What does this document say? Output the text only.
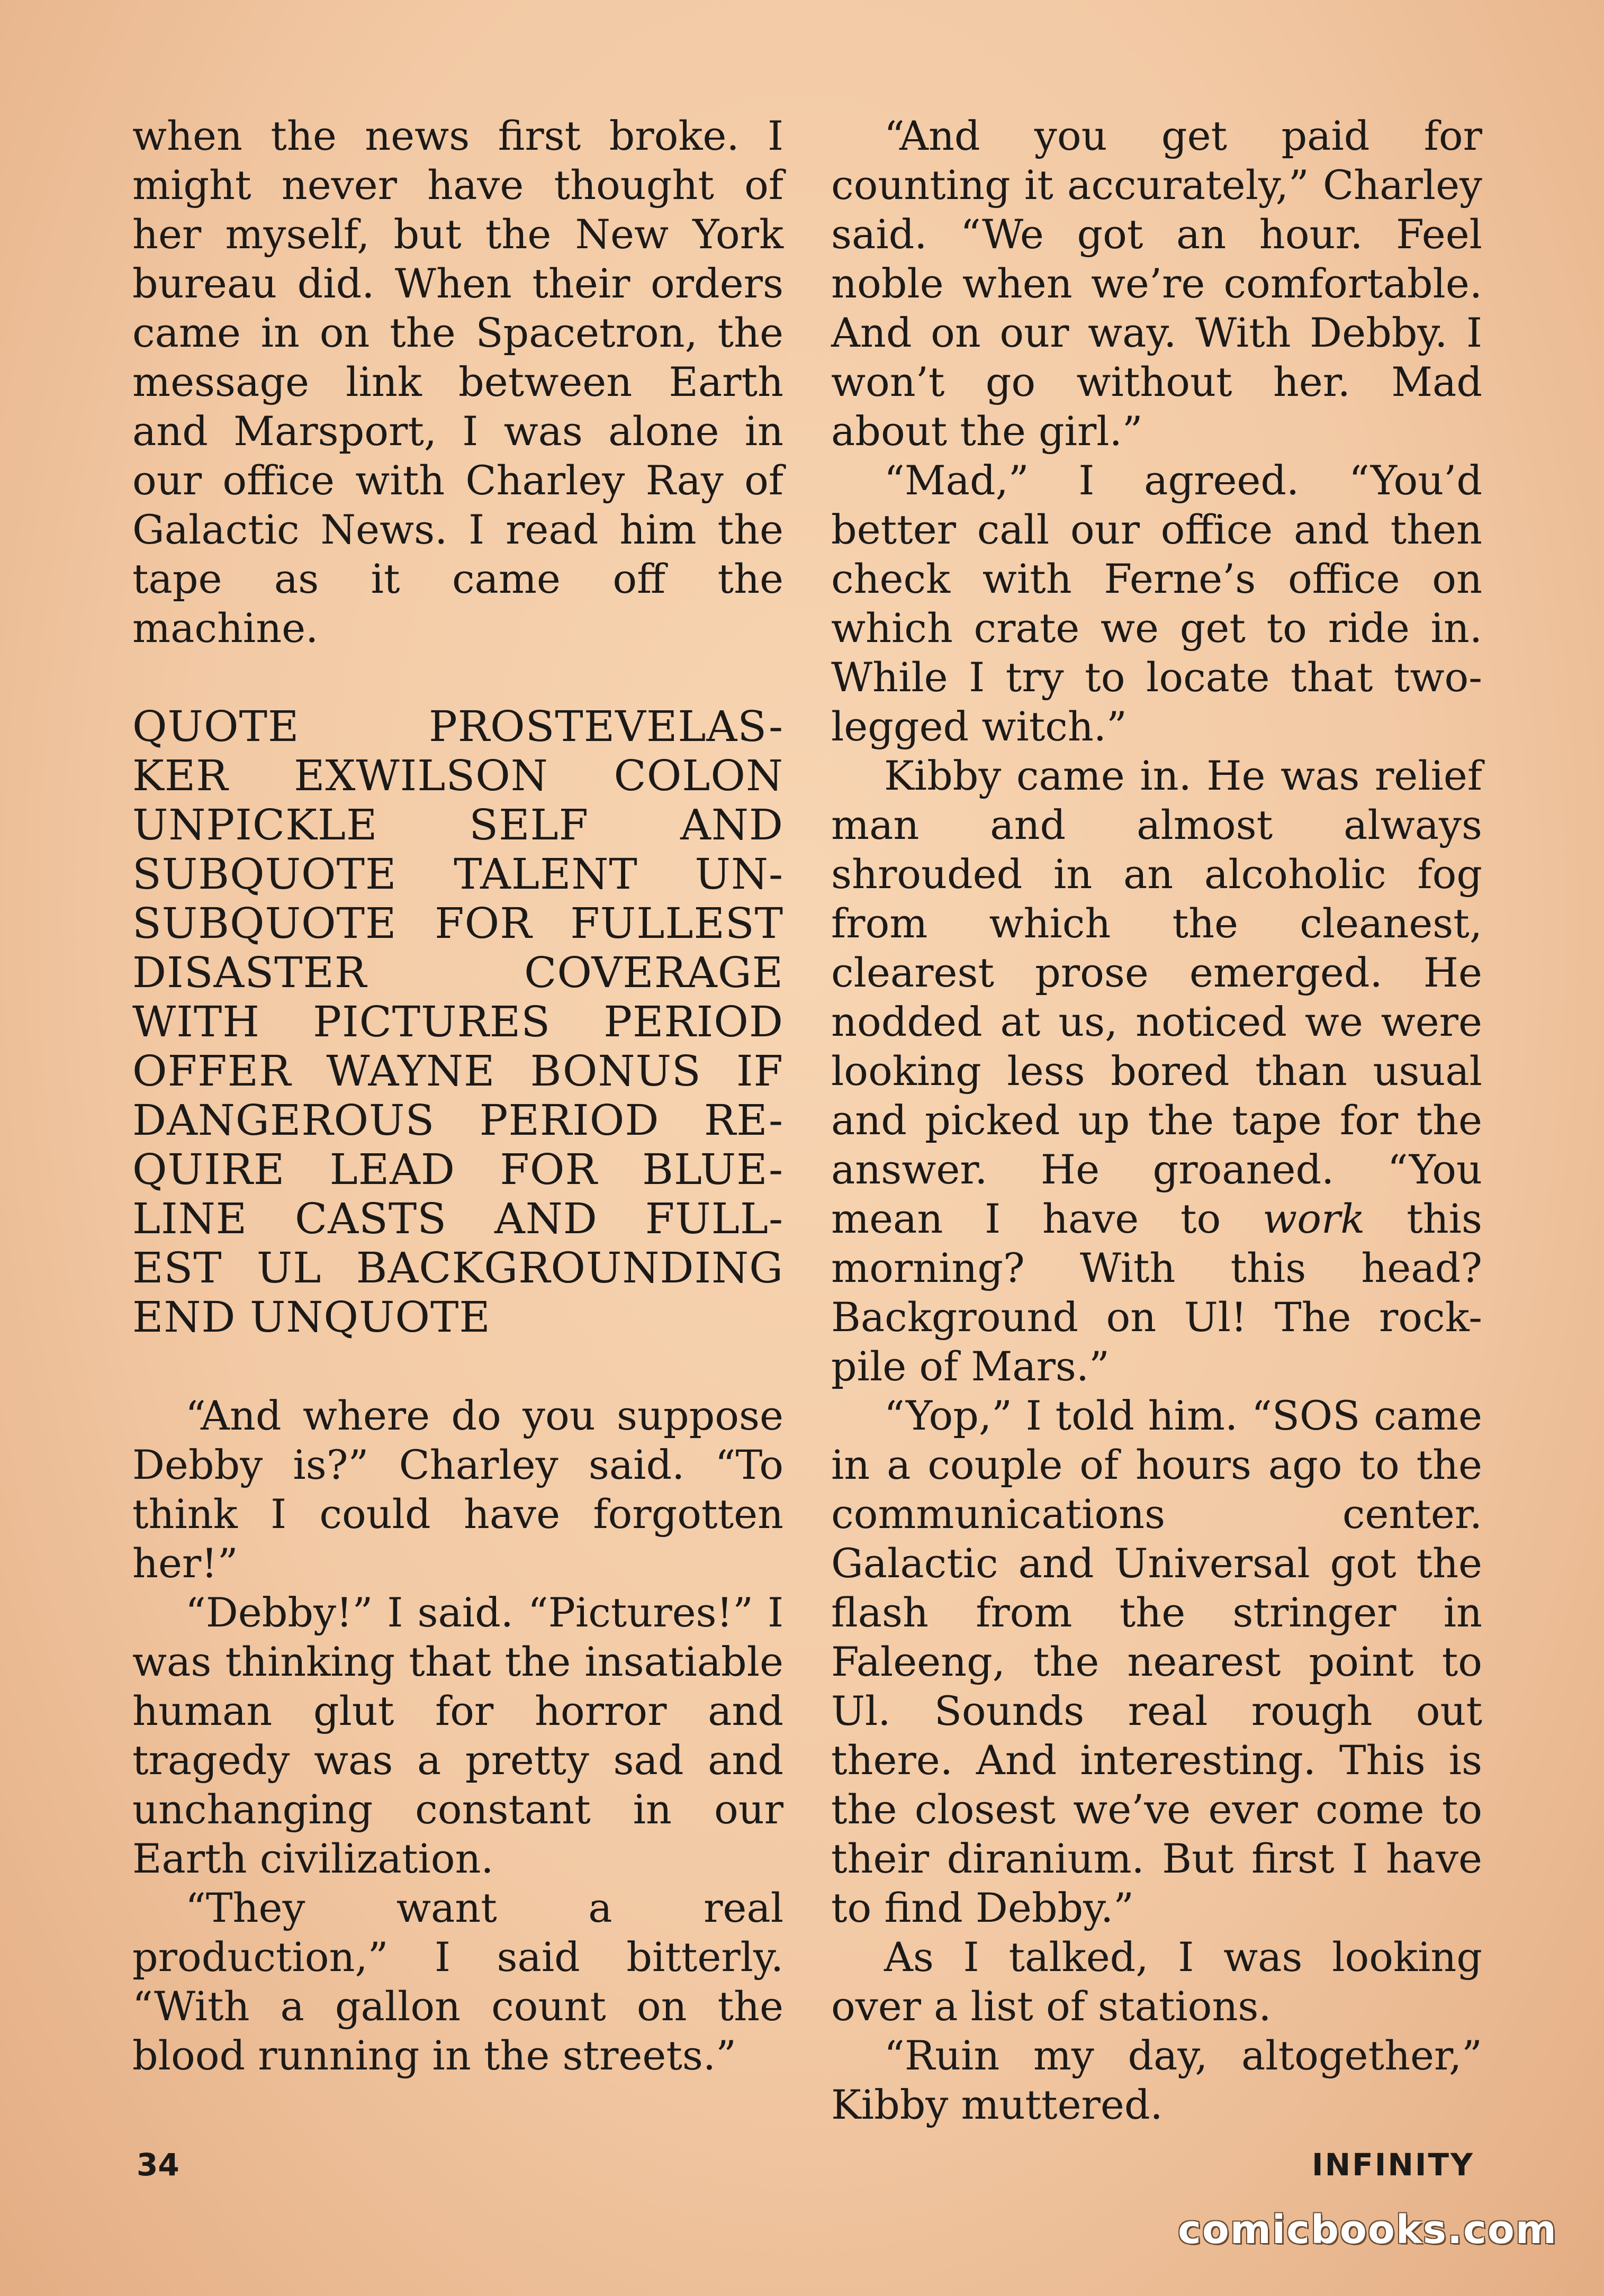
when the news first broke. I might never have thought of her myself, but the New York bureau did. When their orders came in on the Spacetron, the message link between Earth and Marsport, I was alone in our office with Charley Ray of Galactic News. I read him the tape as it came off the machine.

QUOTE PROSTEVELAS-
KER EXWILSON COLON
UNPICKLE SELF AND
SUBQUOTE TALENT UN-
SUBQUOTE FOR FULLEST
DISASTER COVERAGE
WITH PICTURES PERIOD
OFFER WAYNE BONUS IF
DANGEROUS PERIOD RE-
QUIRE LEAD FOR BLUE-
LINE CASTS AND FULL-
EST UL BACKGROUNDING
END UNQUOTE

“And where do you suppose Debby is?” Charley said. “To think I could have forgotten her!”

“Debby!” I said. “Pictures!” I was thinking that the insatiable human glut for horror and tragedy was a pretty sad and unchanging constant in our Earth civilization.

“They want a real production,” I said bitterly. “With a gallon count on the blood running in the streets.”

“And you get paid for counting it accurately,” Charley said. “We got an hour. Feel noble when we’re comfortable. And on our way. With Debby. I won’t go without her. Mad about the girl.”

“Mad,” I agreed. “You’d better call our office and then check with Ferne’s office on which crate we get to ride in. While I try to locate that two-legged witch.”

Kibby came in. He was relief man and almost always shrouded in an alcoholic fog from which the cleanest, clearest prose emerged. He nodded at us, noticed we were looking less bored than usual and picked up the tape for the answer. He groaned. “You mean I have to work this morning? With this head? Background on Ul! The rock-pile of Mars.”

“Yop,” I told him. “SOS came in a couple of hours ago to the communications center. Galactic and Universal got the flash from the stringer in Faleeng, the nearest point to Ul. Sounds real rough out there. And interesting. This is the closest we’ve ever come to their diranium. But first I have to find Debby.”

As I talked, I was looking over a list of stations.

“Ruin my day, altogether,” Kibby muttered.

34	INFINITY
comicbooks.com
